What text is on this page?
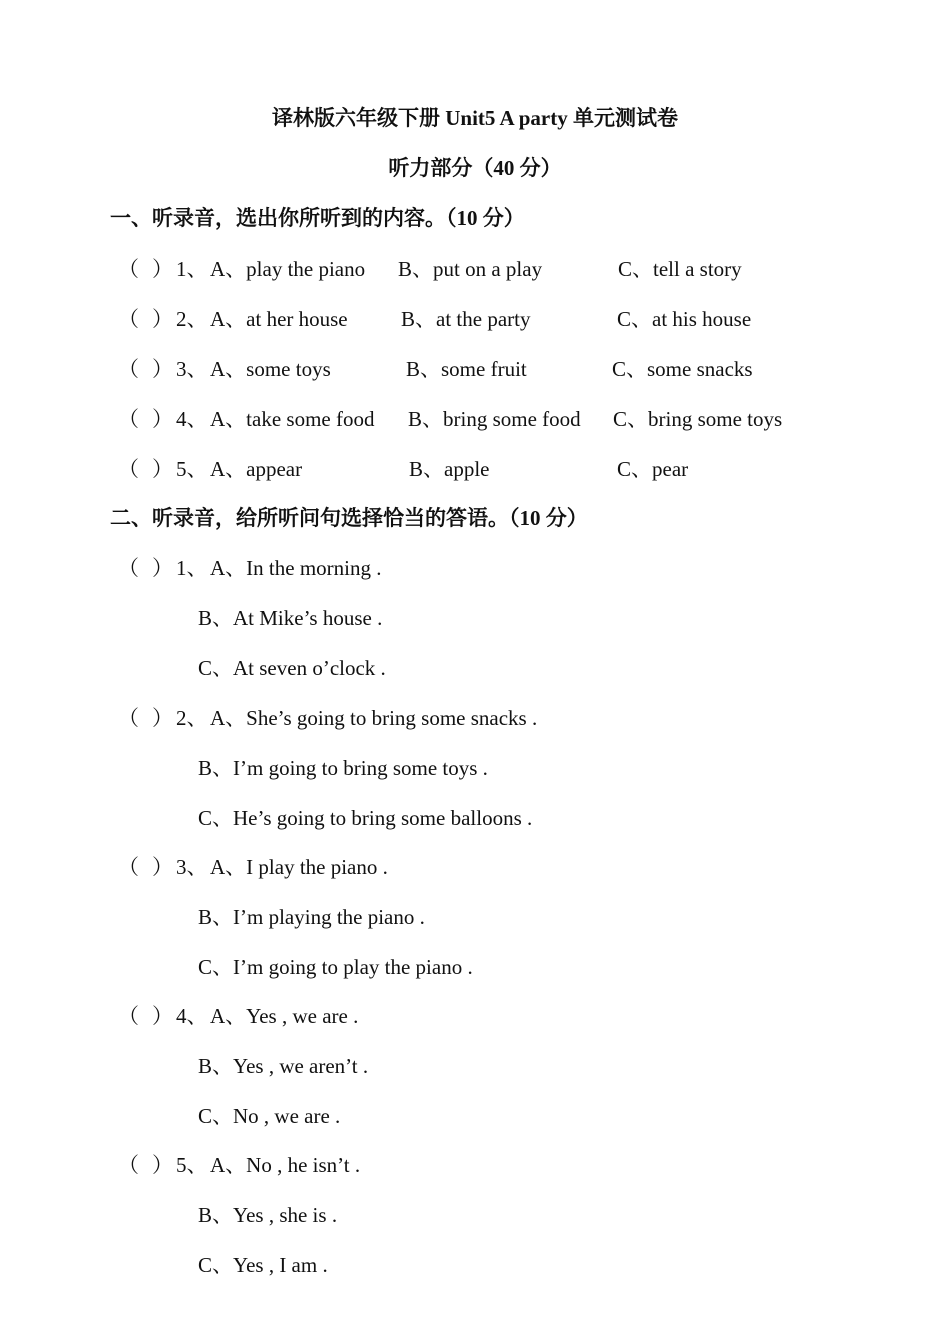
译林版六年级下册 Unit5 A party 单元测试卷
听力部分（40 分）
一、听录音，选出你所听到的内容。（10 分）
（ ） 1、 A、play the piano B、put on a play	C、tell a story
（ ） 2、 A、at her house	B、at the party	C、at his house
（ ） 3、 A、some toys	B、some fruit	C、some snacks
（ ） 4、 A、take some food B、bring some food C、bring some toys
（ ） 5、 A、appear	B、apple	C、pear
二、听录音，给所听问句选择恰当的答语。（10 分）
（ ） 1、 A、In the morning .
B、At Mike’s house .
C、At seven o’clock .
（ ） 2、 A、She’s going to bring some snacks .
B、I’m going to bring some toys .
C、He’s going to bring some balloons .
（ ） 3、 A、I play the piano .
B、I’m playing the piano .
C、I’m going to play the piano .
（ ） 4、 A、Yes , we are .
B、Yes , we aren’t .
C、No , we are .
（ ） 5、 A、No , he isn’t .
B、Yes , she is .
C、Yes , I am .
